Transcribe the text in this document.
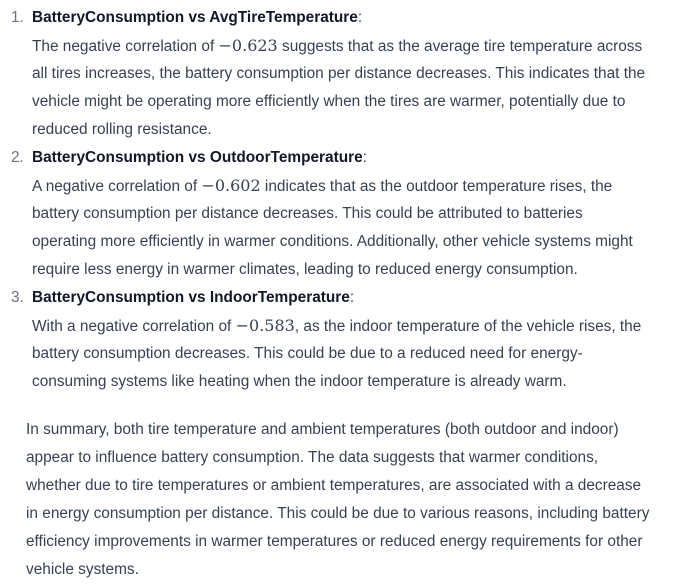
1. BatteryConsumption vs AvgTireTemperature:
The negative correlation of −0.623 suggests that as the average tire temperature across
all tires increases, the battery consumption per distance decreases. This indicates that the
vehicle might be operating more efficiently when the tires are warmer, potentially due to
reduced rolling resistance.
2. BatteryConsumption vs OutdoorTemperature:
A negative correlation of −0.602 indicates that as the outdoor temperature rises, the
battery consumption per distance decreases. This could be attributed to batteries
operating more efficiently in warmer conditions. Additionally, other vehicle systems might
require less energy in warmer climates, leading to reduced energy consumption.
3. BatteryConsumption vs IndoorTemperature:
With a negative correlation of −0.583, as the indoor temperature of the vehicle rises, the
battery consumption decreases. This could be due to a reduced need for energy-
consuming systems like heating when the indoor temperature is already warm.
In summary, both tire temperature and ambient temperatures (both outdoor and indoor)
appear to influence battery consumption. The data suggests that warmer conditions,
whether due to tire temperatures or ambient temperatures, are associated with a decrease
in energy consumption per distance. This could be due to various reasons, including battery
efficiency improvements in warmer temperatures or reduced energy requirements for other
vehicle systems.
